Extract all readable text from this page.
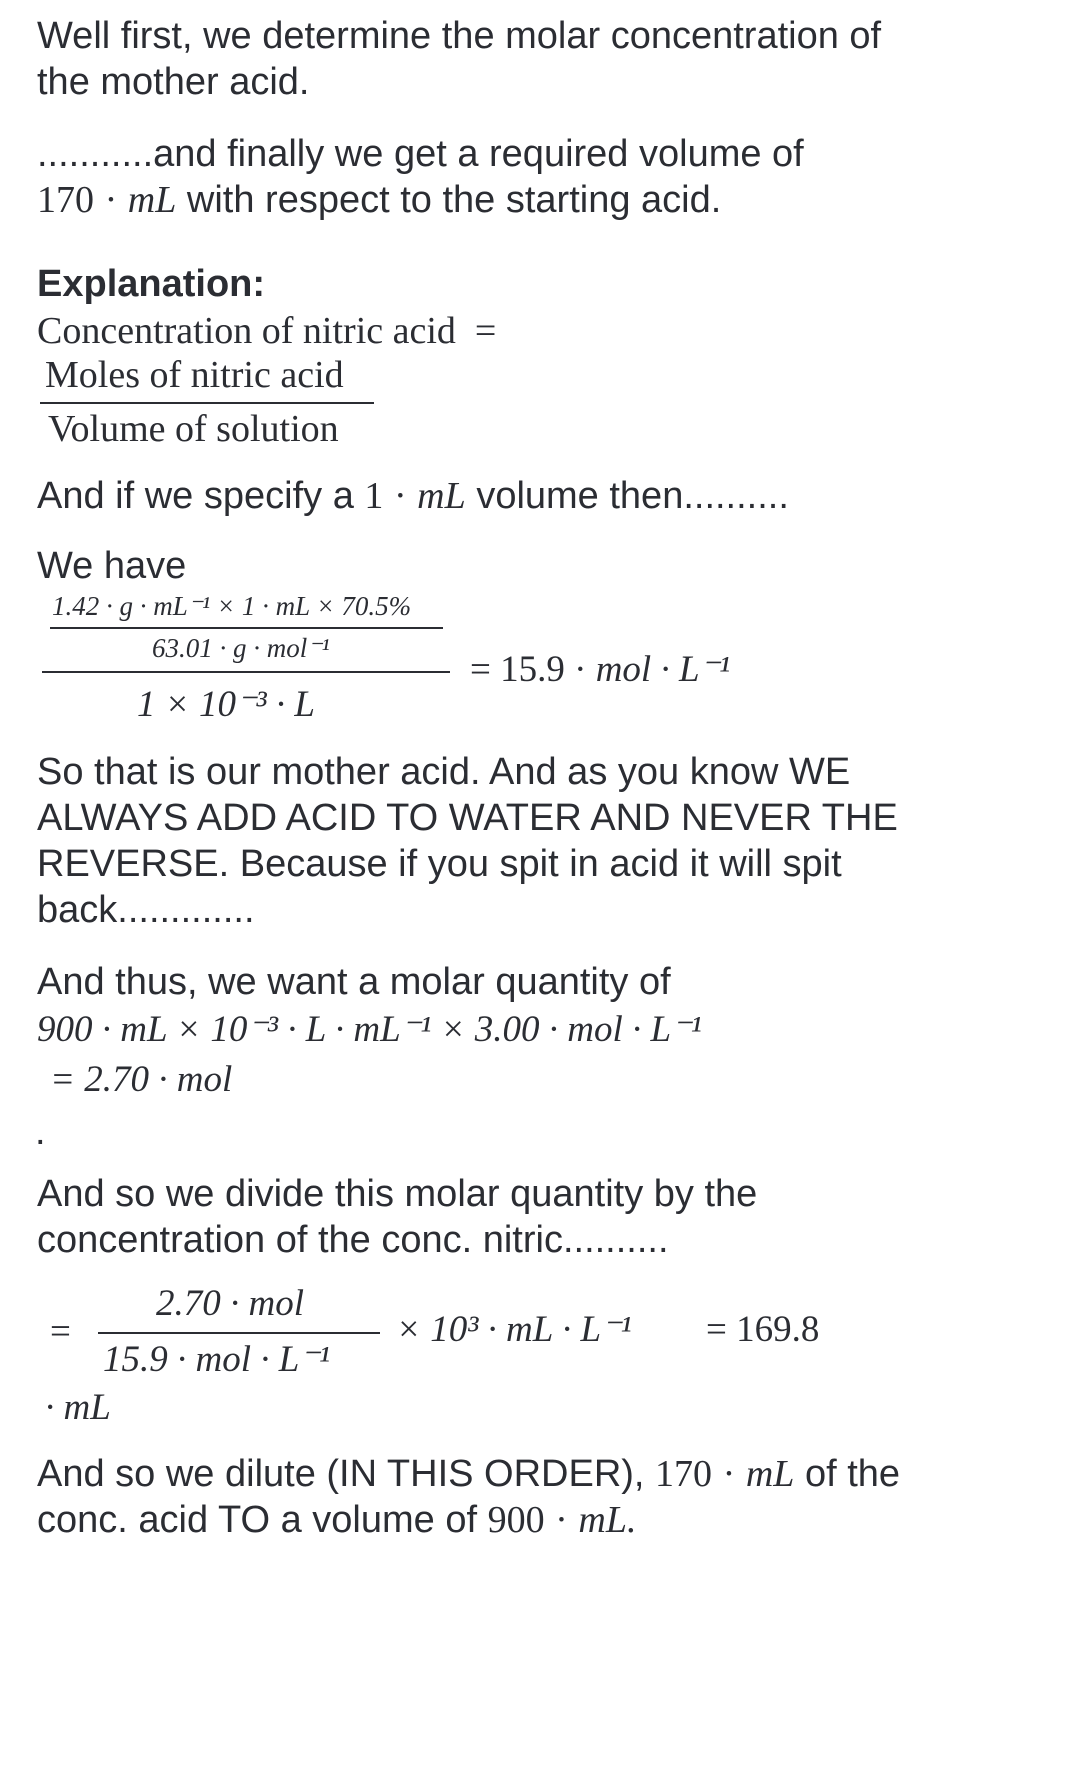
Well first, we determine the molar concentration of
the mother acid.
...........and finally we get a required volume of
170 · mL with respect to the starting acid.
Explanation:
Concentration of nitric acid  =
Moles of nitric acid
Volume of solution
And if we specify a 1 · mL volume then..........
We have
1.42 · g · mL⁻¹ × 1 · mL × 70.5%
63.01 · g · mol⁻¹
1 × 10⁻³ · L
= 15.9 · mol · L⁻¹
So that is our mother acid. And as you know WE
ALWAYS ADD ACID TO WATER AND NEVER THE
REVERSE. Because if you spit in acid it will spit
back.............
And thus, we want a molar quantity of
900 · mL × 10⁻³ · L · mL⁻¹ × 3.00 · mol · L⁻¹
= 2.70 · mol
.
And so we divide this molar quantity by the
concentration of the conc. nitric..........
=
2.70 · mol
15.9 · mol · L⁻¹
× 10³ · mL · L⁻¹ = 169.8
· mL
And so we dilute (IN THIS ORDER), 170 · mL of the
conc. acid TO a volume of 900 · mL.
